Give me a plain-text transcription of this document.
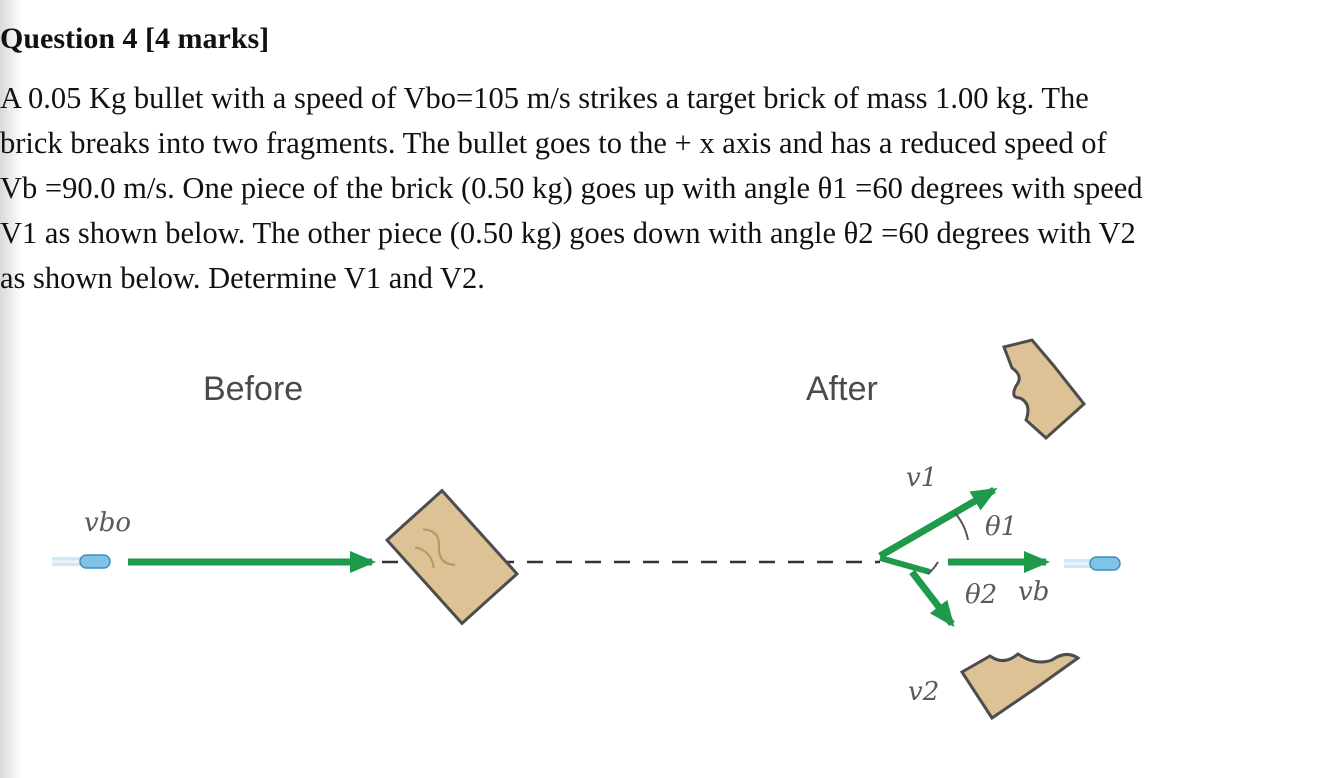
Question 4 [4 marks]

A 0.05 Kg bullet with a speed of Vbo=105 m/s strikes a target brick of mass 1.00 kg. The
brick breaks into two fragments. The bullet goes to the + x axis and has a reduced speed of
Vb =90.0 m/s. One piece of the brick (0.50 kg) goes up with angle θ1 =60 degrees with speed
V1 as shown below. The other piece (0.50 kg) goes down with angle θ2 =60 degrees with V2
as shown below. Determine V1 and V2.

Before	After
vbo
v1
θ1
θ2 vb
v2
